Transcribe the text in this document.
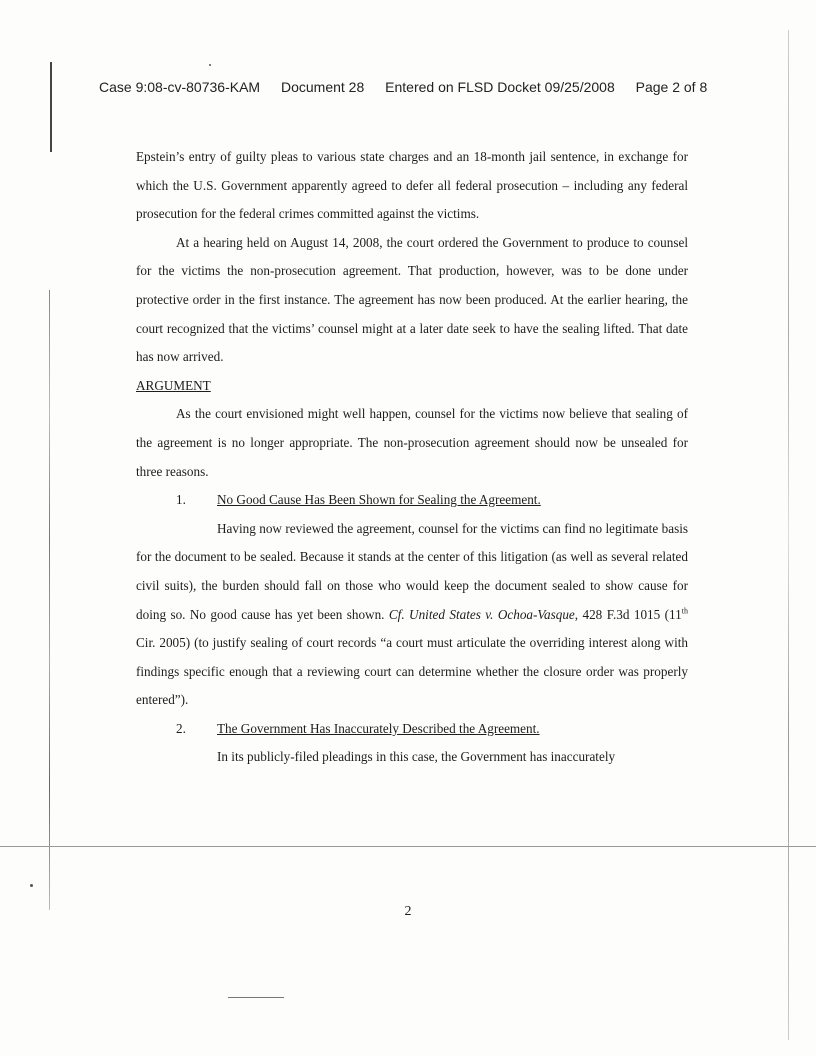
Case 9:08-cv-80736-KAM Document 28 Entered on FLSD Docket 09/25/2008 Page 2 of 8

Epstein’s entry of guilty pleas to various state charges and an 18-month jail sentence, in exchange for which the U.S. Government apparently agreed to defer all federal prosecution – including any federal prosecution for the federal crimes committed against the victims.

At a hearing held on August 14, 2008, the court ordered the Government to produce to counsel for the victims the non-prosecution agreement. That production, however, was to be done under protective order in the first instance. The agreement has now been produced. At the earlier hearing, the court recognized that the victims’ counsel might at a later date seek to have the sealing lifted. That date has now arrived.

ARGUMENT

As the court envisioned might well happen, counsel for the victims now believe that sealing of the agreement is no longer appropriate. The non-prosecution agreement should now be unsealed for three reasons.

1. No Good Cause Has Been Shown for Sealing the Agreement.

Having now reviewed the agreement, counsel for the victims can find no legitimate basis for the document to be sealed. Because it stands at the center of this litigation (as well as several related civil suits), the burden should fall on those who would keep the document sealed to show cause for doing so. No good cause has yet been shown. Cf. United States v. Ochoa-Vasque, 428 F.3d 1015 (11th Cir. 2005) (to justify sealing of court records “a court must articulate the overriding interest along with findings specific enough that a reviewing court can determine whether the closure order was properly entered”).

2. The Government Has Inaccurately Described the Agreement.

In its publicly-filed pleadings in this case, the Government has inaccurately

2
